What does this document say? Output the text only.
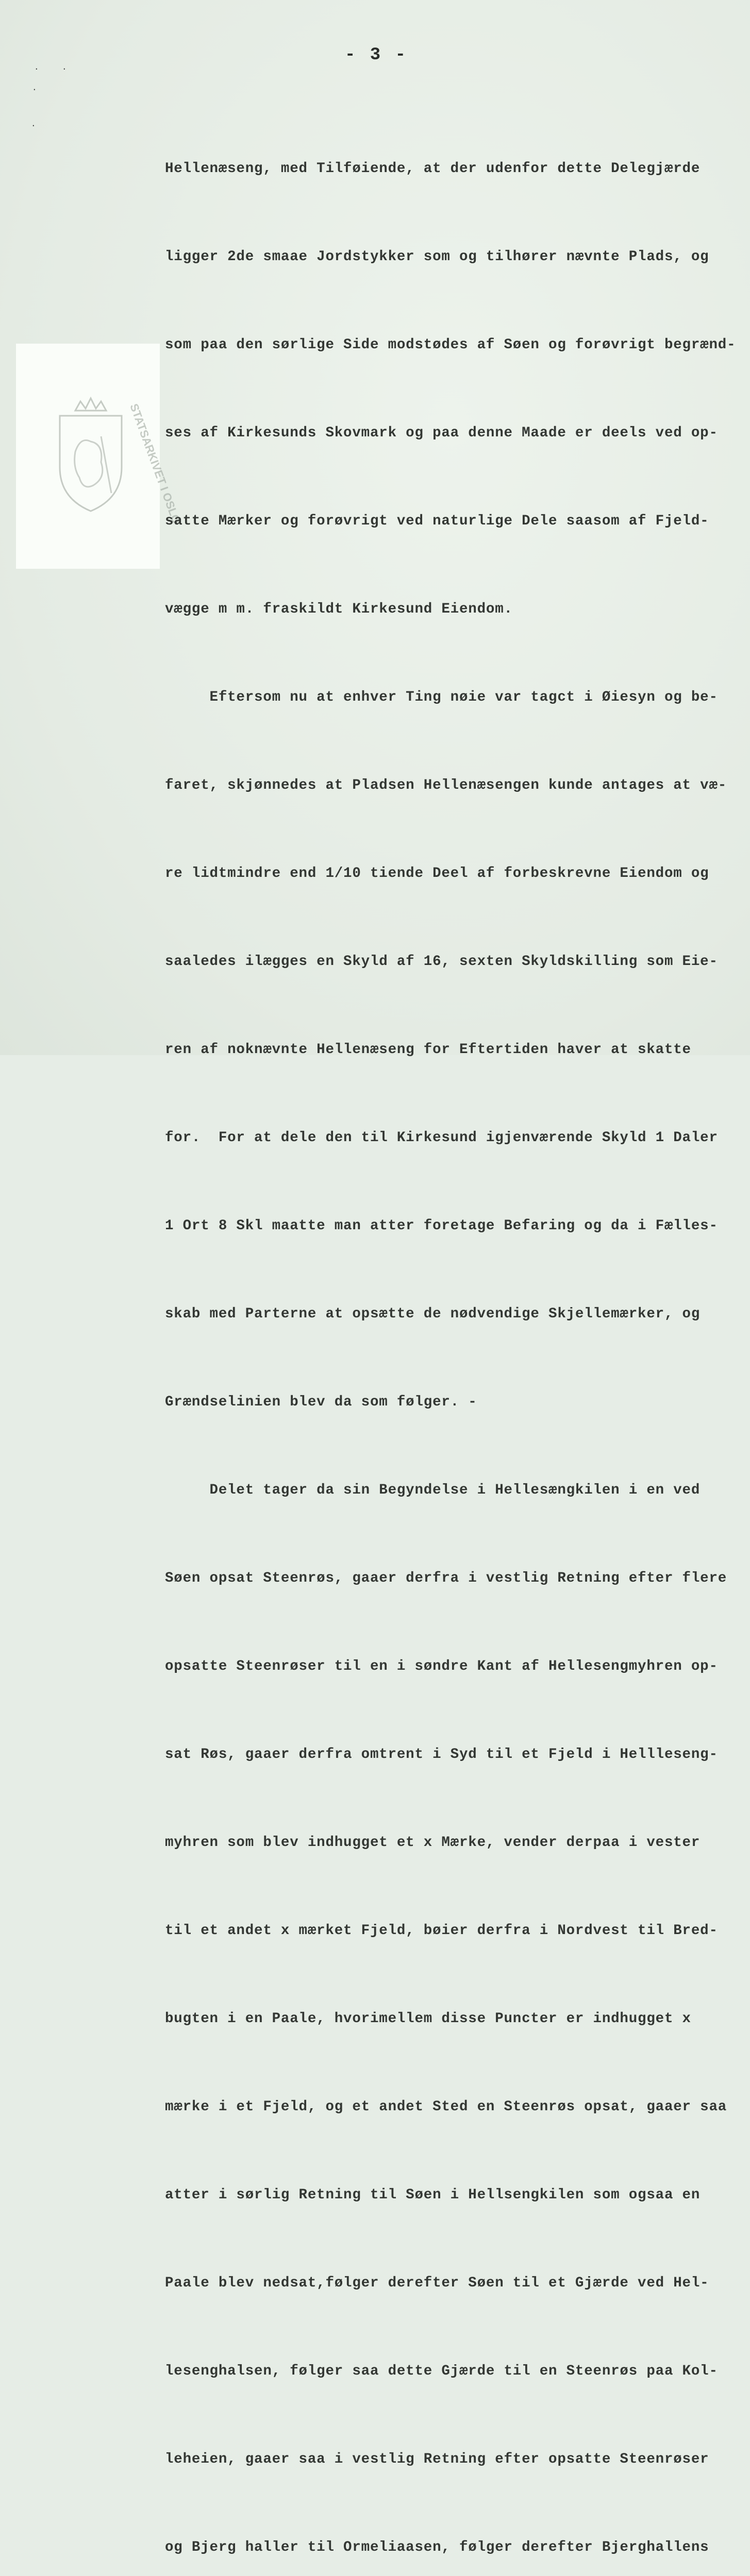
·	·
·
·
- 3 -
STATSARKIVET I OSLO

Hellenæseng, med Tilføiende, at der udenfor dette Delegjærde

ligger 2de smaae Jordstykker som og tilhører nævnte Plads, og

som paa den sørlige Side modstødes af Søen og forøvrigt begrænd-

ses af Kirkesunds Skovmark og paa denne Maade er deels ved op-

satte Mærker og forøvrigt ved naturlige Dele saasom af Fjeld-

vægge m m. fraskildt Kirkesund Eiendom.

Eftersom nu at enhver Ting nøie var tagct i Øiesyn og be-

faret, skjønnedes at Pladsen Hellenæsengen kunde antages at væ-

re lidtmindre end 1/10 tiende Deel af forbeskrevne Eiendom og

saaledes ilægges en Skyld af 16, sexten Skyldskilling som Eie-

ren af noknævnte Hellenæseng for Eftertiden haver at skatte

for.  For at dele den til Kirkesund igjenværende Skyld 1 Daler

1 Ort 8 Skl maatte man atter foretage Befaring og da i Fælles-

skab med Parterne at opsætte de nødvendige Skjellemærker, og

Grændselinien blev da som følger. -

Delet tager da sin Begyndelse i Hellesængkilen i en ved

Søen opsat Steenrøs, gaaer derfra i vestlig Retning efter flere

opsatte Steenrøser til en i søndre Kant af Hellesengmyhren op-

sat Røs, gaaer derfra omtrent i Syd til et Fjeld i Hellleseng-

myhren som blev indhugget et x Mærke, vender derpaa i vester

til et andet x mærket Fjeld, bøier derfra i Nordvest til Bred-

bugten i en Paale, hvorimellem disse Puncter er indhugget x

mærke i et Fjeld, og et andet Sted en Steenrøs opsat, gaaer saa

atter i sørlig Retning til Søen i Hellsengkilen som ogsaa en

Paale blev nedsat,følger derefter Søen til et Gjærde ved Hel-

lesenghalsen, følger saa dette Gjærde til en Steenrøs paa Kol-

leheien, gaaer saa i vestlig Retning efter opsatte Steenrøser

og Bjerg haller til Ormeliaasen, følger derefter Bjerghallens
